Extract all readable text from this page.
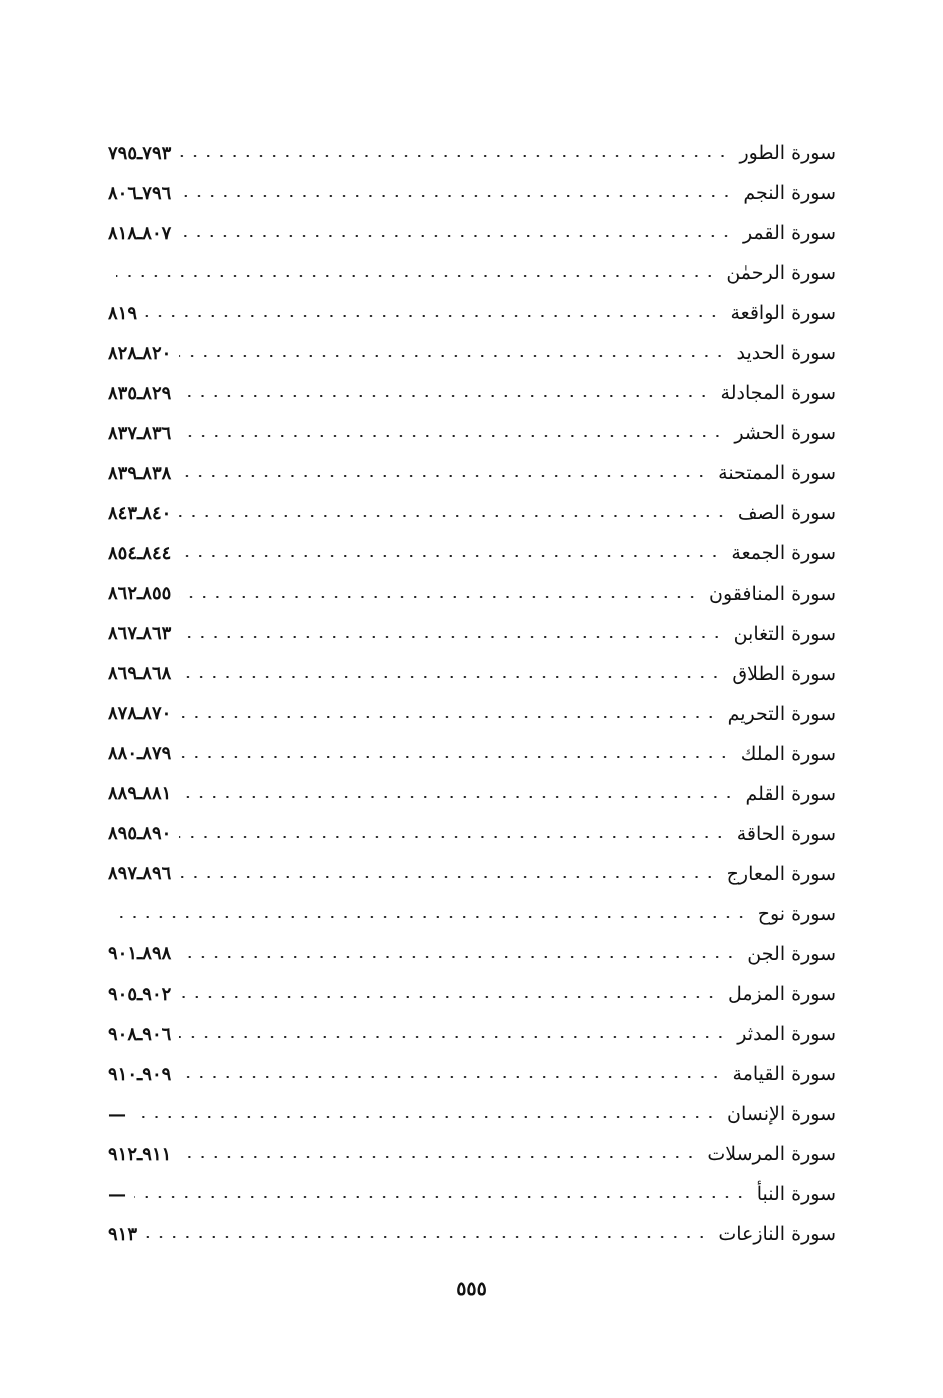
سورة الطور
٧٩٣ـ٧٩٥
سورة النجم
٧٩٦ـ٨٠٦
سورة القمر
٨٠٧ـ٨١٨
سورة الرحمٰن
سورة الواقعة
٨١٩
سورة الحديد
٨٢٠ـ٨٢٨
سورة المجادلة
٨٢٩ـ٨٣٥
سورة الحشر
٨٣٦ـ٨٣٧
سورة الممتحنة
٨٣٨ـ٨٣٩
سورة الصف
٨٤٠ـ٨٤٣
سورة الجمعة
٨٤٤ـ٨٥٤
سورة المنافقون
٨٥٥ـ٨٦٢
سورة التغابن
٨٦٣ـ٨٦٧
سورة الطلاق
٨٦٨ـ٨٦٩
سورة التحريم
٨٧٠ـ٨٧٨
سورة الملك
٨٧٩ـ٨٨٠
سورة القلم
٨٨١ـ٨٨٩
سورة الحاقة
٨٩٠ـ٨٩٥
سورة المعارج
٨٩٦ـ٨٩٧
سورة نوح
سورة الجن
٨٩٨ـ٩٠١
سورة المزمل
٩٠٢ـ٩٠٥
سورة المدثر
٩٠٦ـ٩٠٨
سورة القيامة
٩٠٩ـ٩١٠
سورة الإنسان
—
سورة المرسلات
٩١١ـ٩١٢
سورة النبأ
—
سورة النازعات
٩١٣
٥٥٥
